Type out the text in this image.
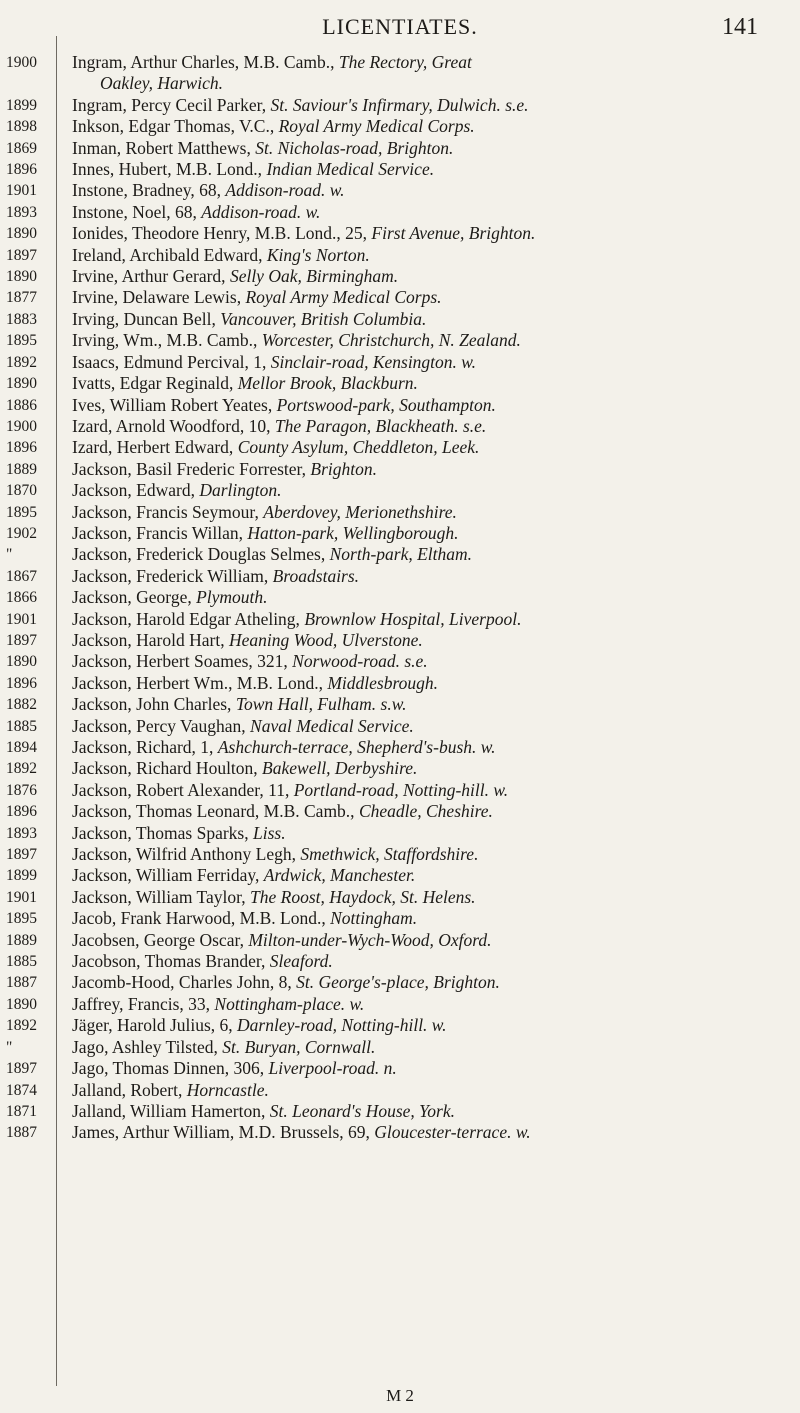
LICENTIATES.	141
1900	Ingram, Arthur Charles, M.B. Camb., The Rectory, Great
Oakley, Harwich.
1899	Ingram, Percy Cecil Parker, St. Saviour's Infirmary, Dulwich. s.e.
1898	Inkson, Edgar Thomas, V.C., Royal Army Medical Corps.
1869	Inman, Robert Matthews, St. Nicholas-road, Brighton.
1896	Innes, Hubert, M.B. Lond., Indian Medical Service.
1901	Instone, Bradney, 68, Addison-road. w.
1893	Instone, Noel, 68, Addison-road. w.
1890	Ionides, Theodore Henry, M.B. Lond., 25, First Avenue, Brighton.
1897	Ireland, Archibald Edward, King's Norton.
1890	Irvine, Arthur Gerard, Selly Oak, Birmingham.
1877	Irvine, Delaware Lewis, Royal Army Medical Corps.
1883	Irving, Duncan Bell, Vancouver, British Columbia.
1895	Irving, Wm., M.B. Camb., Worcester, Christchurch, N. Zealand.
1892	Isaacs, Edmund Percival, 1, Sinclair-road, Kensington. w.
1890	Ivatts, Edgar Reginald, Mellor Brook, Blackburn.
1886	Ives, William Robert Yeates, Portswood-park, Southampton.
1900	Izard, Arnold Woodford, 10, The Paragon, Blackheath. s.e.
1896	Izard, Herbert Edward, County Asylum, Cheddleton, Leek.
1889	Jackson, Basil Frederic Forrester, Brighton.
1870	Jackson, Edward, Darlington.
1895	Jackson, Francis Seymour, Aberdovey, Merionethshire.
1902	Jackson, Francis Willan, Hatton-park, Wellingborough.
"	Jackson, Frederick Douglas Selmes, North-park, Eltham.
1867	Jackson, Frederick William, Broadstairs.
1866	Jackson, George, Plymouth.
1901	Jackson, Harold Edgar Atheling, Brownlow Hospital, Liverpool.
1897	Jackson, Harold Hart, Heaning Wood, Ulverstone.
1890	Jackson, Herbert Soames, 321, Norwood-road. s.e.
1896	Jackson, Herbert Wm., M.B. Lond., Middlesbrough.
1882	Jackson, John Charles, Town Hall, Fulham. s.w.
1885	Jackson, Percy Vaughan, Naval Medical Service.
1894	Jackson, Richard, 1, Ashchurch-terrace, Shepherd's-bush. w.
1892	Jackson, Richard Houlton, Bakewell, Derbyshire.
1876	Jackson, Robert Alexander, 11, Portland-road, Notting-hill. w.
1896	Jackson, Thomas Leonard, M.B. Camb., Cheadle, Cheshire.
1893	Jackson, Thomas Sparks, Liss.
1897	Jackson, Wilfrid Anthony Legh, Smethwick, Staffordshire.
1899	Jackson, William Ferriday, Ardwick, Manchester.
1901	Jackson, William Taylor, The Roost, Haydock, St. Helens.
1895	Jacob, Frank Harwood, M.B. Lond., Nottingham.
1889	Jacobsen, George Oscar, Milton-under-Wych-Wood, Oxford.
1885	Jacobson, Thomas Brander, Sleaford.
1887	Jacomb-Hood, Charles John, 8, St. George's-place, Brighton.
1890	Jaffrey, Francis, 33, Nottingham-place. w.
1892	Jäger, Harold Julius, 6, Darnley-road, Notting-hill. w.
"	Jago, Ashley Tilsted, St. Buryan, Cornwall.
1897	Jago, Thomas Dinnen, 306, Liverpool-road. n.
1874	Jalland, Robert, Horncastle.
1871	Jalland, William Hamerton, St. Leonard's House, York.
1887	James, Arthur William, M.D. Brussels, 69, Gloucester-terrace. w.
M 2
